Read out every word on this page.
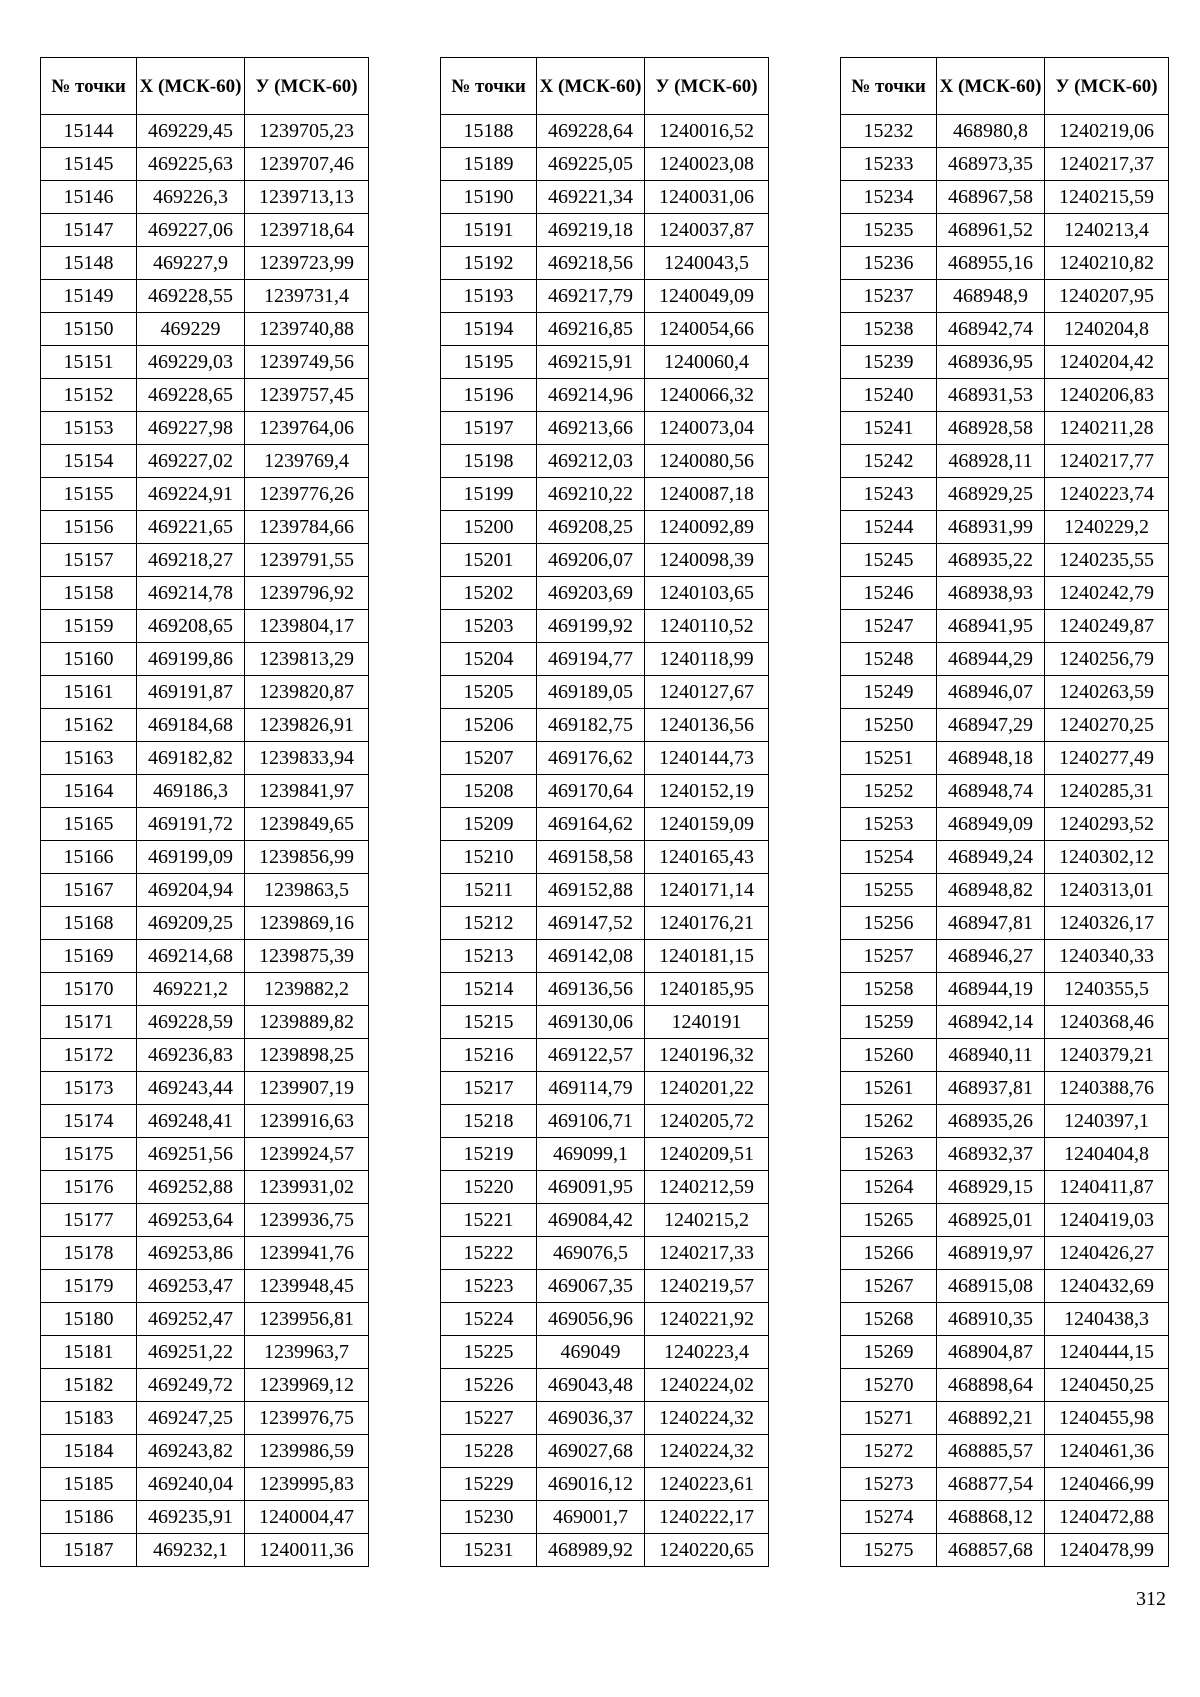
№ точки	Х (МСК-60)	У (МСК-60)
15144	469229,45	1239705,23
15145	469225,63	1239707,46
15146	469226,3	1239713,13
15147	469227,06	1239718,64
15148	469227,9	1239723,99
15149	469228,55	1239731,4
15150	469229	1239740,88
15151	469229,03	1239749,56
15152	469228,65	1239757,45
15153	469227,98	1239764,06
15154	469227,02	1239769,4
15155	469224,91	1239776,26
15156	469221,65	1239784,66
15157	469218,27	1239791,55
15158	469214,78	1239796,92
15159	469208,65	1239804,17
15160	469199,86	1239813,29
15161	469191,87	1239820,87
15162	469184,68	1239826,91
15163	469182,82	1239833,94
15164	469186,3	1239841,97
15165	469191,72	1239849,65
15166	469199,09	1239856,99
15167	469204,94	1239863,5
15168	469209,25	1239869,16
15169	469214,68	1239875,39
15170	469221,2	1239882,2
15171	469228,59	1239889,82
15172	469236,83	1239898,25
15173	469243,44	1239907,19
15174	469248,41	1239916,63
15175	469251,56	1239924,57
15176	469252,88	1239931,02
15177	469253,64	1239936,75
15178	469253,86	1239941,76
15179	469253,47	1239948,45
15180	469252,47	1239956,81
15181	469251,22	1239963,7
15182	469249,72	1239969,12
15183	469247,25	1239976,75
15184	469243,82	1239986,59
15185	469240,04	1239995,83
15186	469235,91	1240004,47
15187	469232,1	1240011,36
№ точки	Х (МСК-60)	У (МСК-60)
15188	469228,64	1240016,52
15189	469225,05	1240023,08
15190	469221,34	1240031,06
15191	469219,18	1240037,87
15192	469218,56	1240043,5
15193	469217,79	1240049,09
15194	469216,85	1240054,66
15195	469215,91	1240060,4
15196	469214,96	1240066,32
15197	469213,66	1240073,04
15198	469212,03	1240080,56
15199	469210,22	1240087,18
15200	469208,25	1240092,89
15201	469206,07	1240098,39
15202	469203,69	1240103,65
15203	469199,92	1240110,52
15204	469194,77	1240118,99
15205	469189,05	1240127,67
15206	469182,75	1240136,56
15207	469176,62	1240144,73
15208	469170,64	1240152,19
15209	469164,62	1240159,09
15210	469158,58	1240165,43
15211	469152,88	1240171,14
15212	469147,52	1240176,21
15213	469142,08	1240181,15
15214	469136,56	1240185,95
15215	469130,06	1240191
15216	469122,57	1240196,32
15217	469114,79	1240201,22
15218	469106,71	1240205,72
15219	469099,1	1240209,51
15220	469091,95	1240212,59
15221	469084,42	1240215,2
15222	469076,5	1240217,33
15223	469067,35	1240219,57
15224	469056,96	1240221,92
15225	469049	1240223,4
15226	469043,48	1240224,02
15227	469036,37	1240224,32
15228	469027,68	1240224,32
15229	469016,12	1240223,61
15230	469001,7	1240222,17
15231	468989,92	1240220,65
№ точки	Х (МСК-60)	У (МСК-60)
15232	468980,8	1240219,06
15233	468973,35	1240217,37
15234	468967,58	1240215,59
15235	468961,52	1240213,4
15236	468955,16	1240210,82
15237	468948,9	1240207,95
15238	468942,74	1240204,8
15239	468936,95	1240204,42
15240	468931,53	1240206,83
15241	468928,58	1240211,28
15242	468928,11	1240217,77
15243	468929,25	1240223,74
15244	468931,99	1240229,2
15245	468935,22	1240235,55
15246	468938,93	1240242,79
15247	468941,95	1240249,87
15248	468944,29	1240256,79
15249	468946,07	1240263,59
15250	468947,29	1240270,25
15251	468948,18	1240277,49
15252	468948,74	1240285,31
15253	468949,09	1240293,52
15254	468949,24	1240302,12
15255	468948,82	1240313,01
15256	468947,81	1240326,17
15257	468946,27	1240340,33
15258	468944,19	1240355,5
15259	468942,14	1240368,46
15260	468940,11	1240379,21
15261	468937,81	1240388,76
15262	468935,26	1240397,1
15263	468932,37	1240404,8
15264	468929,15	1240411,87
15265	468925,01	1240419,03
15266	468919,97	1240426,27
15267	468915,08	1240432,69
15268	468910,35	1240438,3
15269	468904,87	1240444,15
15270	468898,64	1240450,25
15271	468892,21	1240455,98
15272	468885,57	1240461,36
15273	468877,54	1240466,99
15274	468868,12	1240472,88
15275	468857,68	1240478,99
312
